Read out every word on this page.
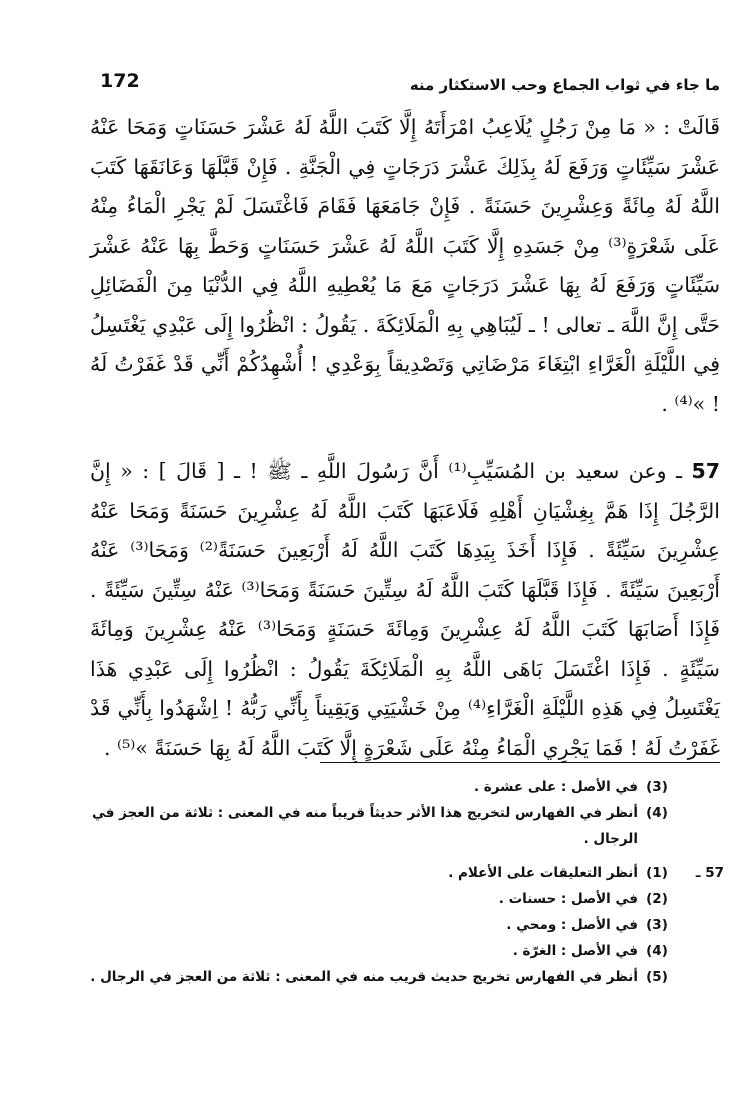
ما جاء في ثواب الجماع وحب الاستكثار منه
172
قَالَتْ : « مَا مِنْ رَجُلٍ يُلَاعِبُ امْرَأَتَهُ إِلَّا كَتَبَ اللَّهُ لَهُ عَشْرَ حَسَنَاتٍ وَمَحَا عَنْهُ عَشْرَ سَيِّئَاتٍ وَرَفَعَ لَهُ بِذَلِكَ عَشْرَ دَرَجَاتٍ فِي الْجَنَّةِ . فَإِنْ قَبَّلَهَا وَعَانَقَهَا كَتَبَ اللَّهُ لَهُ مِائَةً وَعِشْرِينَ حَسَنَةً . فَإِنْ جَامَعَهَا فَقَامَ فَاغْتَسَلَ لَمْ يَجْرِ الْمَاءُ مِنْهُ عَلَى شَعْرَةٍ⁽³⁾ مِنْ جَسَدِهِ إِلَّا كَتَبَ اللَّهُ لَهُ عَشْرَ حَسَنَاتٍ وَحَطَّ بِهَا عَنْهُ عَشْرَ سَيِّئَاتٍ وَرَفَعَ لَهُ بِهَا عَشْرَ دَرَجَاتٍ مَعَ مَا يُعْطِيهِ اللَّهُ فِي الدُّنْيَا مِنَ الْفَضَائِلِ حَتَّى إِنَّ اللَّهَ ـ تعالى ! ـ لَيُبَاهِي بِهِ الْمَلَائِكَةَ . يَقُولُ : انْظُرُوا إِلَى عَبْدِي يَغْتَسِلُ فِي اللَّيْلَةِ الْغَرَّاءِ ابْتِغَاءَ مَرْضَاتِي وَتَصْدِيقاً بِوَعْدِي ! أُشْهِدُكُمْ أَنِّي قَدْ غَفَرْتُ لَهُ ! »⁽⁴⁾ .
57 ـ وعن سعيد بن المُسَيِّبِ⁽¹⁾ أَنَّ رَسُولَ اللَّهِ ـ ﷺ ! ـ [ قَالَ ] : « إِنَّ الرَّجُلَ إِذَا هَمَّ بِغِشْيَانِ أَهْلِهِ فَلَاعَبَهَا كَتَبَ اللَّهُ لَهُ عِشْرِينَ حَسَنَةً وَمَحَا عَنْهُ عِشْرِينَ سَيِّئَةً . فَإِذَا أَخَذَ بِيَدِهَا كَتَبَ اللَّهُ لَهُ أَرْبَعِينَ حَسَنَةً⁽²⁾ وَمَحَا⁽³⁾ عَنْهُ أَرْبَعِينَ سَيِّئَةً . فَإِذَا قَبَّلَهَا كَتَبَ اللَّهُ لَهُ سِتِّينَ حَسَنَةً وَمَحَا⁽³⁾ عَنْهُ سِتِّينَ سَيِّئَةً . فَإِذَا أَصَابَهَا كَتَبَ اللَّهُ لَهُ عِشْرِينَ وَمِائَةَ حَسَنَةٍ وَمَحَا⁽³⁾ عَنْهُ عِشْرِينَ وَمِائَةَ سَيِّئَةٍ . فَإِذَا اغْتَسَلَ بَاهَى اللَّهُ بِهِ الْمَلَائِكَةَ يَقُولُ : انْظُرُوا إِلَى عَبْدِي هَذَا يَغْتَسِلُ فِي هَذِهِ اللَّيْلَةِ الْغَرَّاءِ⁽⁴⁾ مِنْ خَشْيَتِي وَيَقِيناً بِأَنِّي رَبُّهُ ! اِشْهَدُوا بِأَنِّي قَدْ غَفَرْتُ لَهُ ! فَمَا يَجْرِي الْمَاءُ مِنْهُ عَلَى شَعْرَةٍ إِلَّا كَتَبَ اللَّهُ لَهُ بِهَا حَسَنَةً »⁽⁵⁾ .
(3)
في الأصل : على عشرة .
(4)
أنظر في الفهارس لتخريج هذا الأثر حديثاً قريباً منه في المعنى : ثلاثة من العجز في الرجال .
57 ـ
(1)
أنظر التعليقات على الأعلام .
(2)
في الأصل : حسنات .
(3)
في الأصل : ومحي .
(4)
في الأصل : الغرّة .
(5)
أنظر في الفهارس تخريج حديث قريب منه في المعنى : ثلاثة من العجز في الرجال .
